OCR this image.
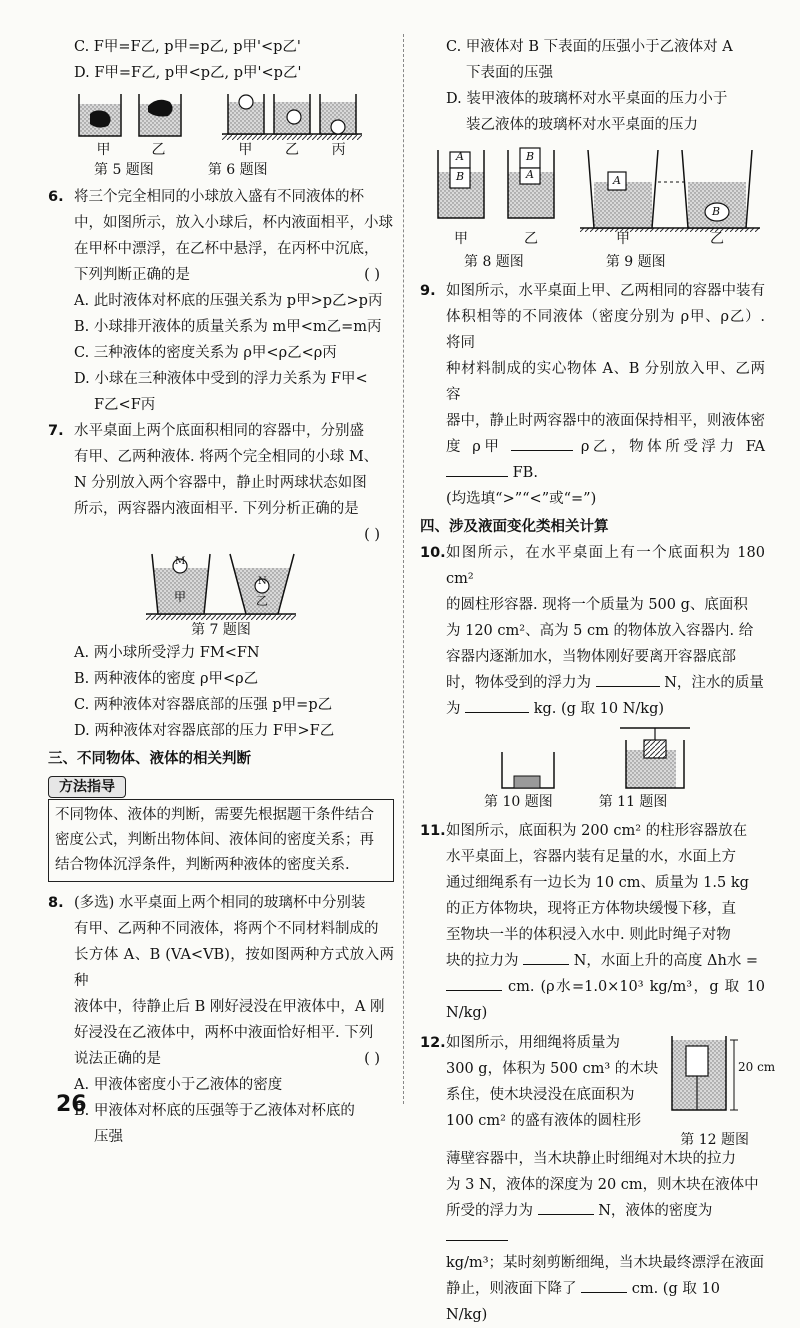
C. F甲=F乙, p甲=p乙, p甲'<p乙'
D. F甲=F乙, p甲<p乙, p甲'<p乙'
甲	乙	甲 乙 丙
第 5 题图	第 6 题图
6. 将三个完全相同的小球放入盛有不同液体的杯
中，如图所示，放入小球后，杯内液面相平，小球
在甲杯中漂浮，在乙杯中悬浮，在丙杯中沉底，
下列判断正确的是	( )
A. 此时液体对杯底的压强关系为 p甲>p乙>p丙
B. 小球排开液体的质量关系为 m甲<m乙=m丙
C. 三种液体的密度关系为 ρ甲<ρ乙<ρ丙
D. 小球在三种液体中受到的浮力关系为 F甲<
F乙<F丙
7. 水平桌面上两个底面积相同的容器中，分别盛
有甲、乙两种液体. 将两个完全相同的小球 M、
N 分别放入两个容器中，静止时两球状态如图
所示，两容器内液面相平. 下列分析正确的是
( )
M
N
甲	乙
第 7 题图
A. 两小球所受浮力 FM<FN
B. 两种液体的密度 ρ甲<ρ乙
C. 两种液体对容器底部的压强 p甲=p乙
D. 两种液体对容器底部的压力 F甲>F乙
三、不同物体、液体的相关判断
方法指导
不同物体、液体的判断，需要先根据题干条件结合
密度公式，判断出物体间、液体间的密度关系；再
结合物体沉浮条件，判断两种液体的密度关系.
8. (多选) 水平桌面上两个相同的玻璃杯中分别装
有甲、乙两种不同液体，将两个不同材料制成的
长方体 A、B (VA<VB)，按如图两种方式放入两种
液体中，待静止后 B 刚好浸没在甲液体中，A 刚
好浸没在乙液体中，两杯中液面恰好相平. 下列
说法正确的是	( )
A. 甲液体密度小于乙液体的密度
B. 甲液体对杯底的压强等于乙液体对杯底的
压强
C. 甲液体对 B 下表面的压强小于乙液体对 A
下表面的压强
D. 装甲液体的玻璃杯对水平桌面的压力小于
装乙液体的玻璃杯对水平桌面的压力
A
B
B
A	A
B
甲	乙	甲	乙
第 8 题图	第 9 题图
9. 如图所示，水平桌面上甲、乙两相同的容器中装有
体积相等的不同液体（密度分别为 ρ甲、ρ乙）. 将同
种材料制成的实心物体 A、B 分别放入甲、乙两容
器中，静止时两容器中的液面保持相平，则液体密
度 ρ甲	ρ乙，物体所受浮力 FA  FB.
(均选填“>”“<”或“=”)
四、涉及液面变化类相关计算
10. 如图所示，在水平桌面上有一个底面积为 180 cm²
的圆柱形容器. 现将一个质量为 500 g、底面积
为 120 cm²、高为 5 cm 的物体放入容器内. 给
容器内逐渐加水，当物体刚好要离开容器底部
时，物体受到的浮力为	N，注水的质量
为	kg. (g 取 10 N/kg)
第 10 题图	第 11 题图
11. 如图所示，底面积为 200 cm² 的柱形容器放在
水平桌面上，容器内装有足量的水，水面上方
通过细绳系有一边长为 10 cm、质量为 1.5 kg
的正方体物块，现将正方体物块缓慢下移，直
至物块一半的体积浸入水中. 则此时绳子对物
块的拉力为	N，水面上升的高度 Δh水 =
cm. (ρ水=1.0×10³ kg/m³，g 取 10 N/kg)
12. 如图所示，用细绳将质量为
300 g，体积为 500 cm³ 的木块
系住，使木块浸没在底面积为
100 cm² 的盛有液体的圆柱形
20 cm
第 12 题图
薄壁容器中，当木块静止时细绳对木块的拉力
为 3 N，液体的深度为 20 cm，则木块在液体中
所受的浮力为	N，液体的密度为
kg/m³；某时刻剪断细绳，当木块最终漂浮在液面
静止，则液面下降了	cm. (g 取 10 N/kg)
26
